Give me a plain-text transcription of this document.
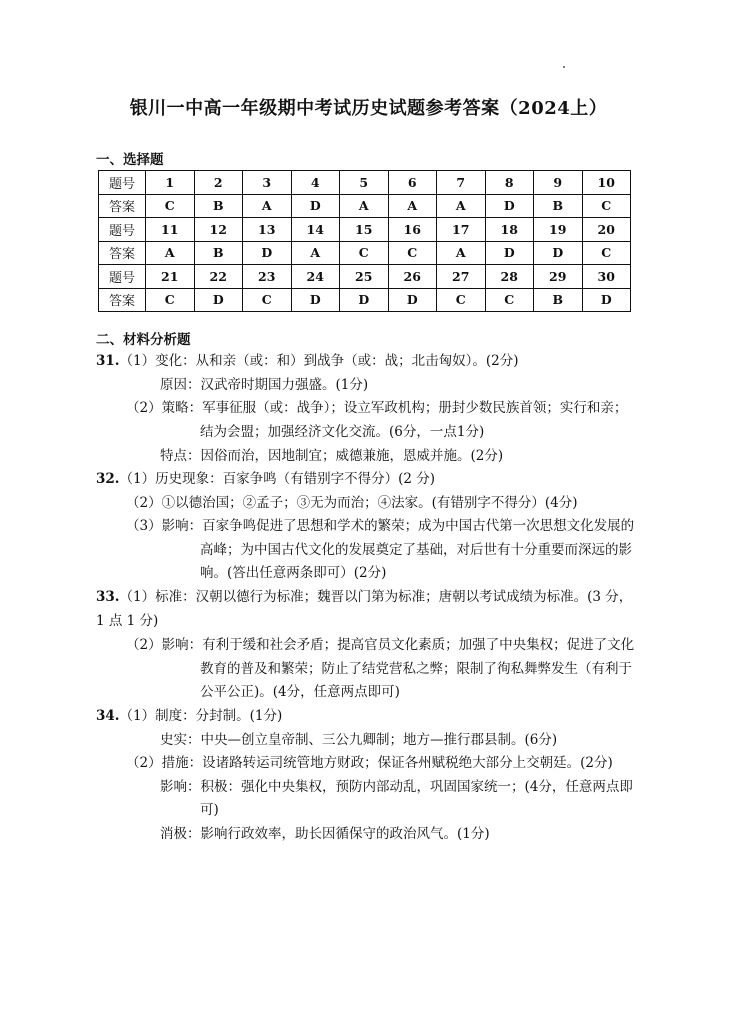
银川一中高一年级期中考试历史试题参考答案（2024上）
一、选择题
题号	1	2	3	4	5	6	7	8	9	10
答案	C	B	A	D	A	A	A	D	B	C
题号	11	12	13	14	15	16	17	18	19	20
答案	A	B	D	A	C	C	A	D	D	C
题号	21	22	23	24	25	26	27	28	29	30
答案	C	D	C	D	D	D	C	C	B	D
二、材料分析题
31.（1）变化：从和亲（或：和）到战争（或：战；北击匈奴）。(2分)
原因：汉武帝时期国力强盛。(1分)
（2）策略：军事征服（或：战争）；设立军政机构；册封少数民族首领；实行和亲；
结为会盟；加强经济文化交流。(6分，一点1分)
特点：因俗而治，因地制宜；威德兼施，恩威并施。(2分)
32.（1）历史现象：百家争鸣（有错别字不得分）(2 分)
（2）①以德治国；②孟子；③无为而治；④法家。(有错别字不得分）(4分)
（3）影响：百家争鸣促进了思想和学术的繁荣；成为中国古代第一次思想文化发展的
高峰；为中国古代文化的发展奠定了基础，对后世有十分重要而深远的影
响。(答出任意两条即可）(2分)
33.（1）标准：汉朝以德行为标准；魏晋以门第为标准；唐朝以考试成绩为标准。(3 分，
1 点 1 分)
（2）影响：有利于缓和社会矛盾；提高官员文化素质；加强了中央集权；促进了文化
教育的普及和繁荣；防止了结党营私之弊；限制了徇私舞弊发生（有利于
公平公正)。(4分，任意两点即可)
34.（1）制度：分封制。(1分)
史实：中央—创立皇帝制、三公九卿制；地方—推行郡县制。(6分)
（2）措施：设诸路转运司统管地方财政；保证各州赋税绝大部分上交朝廷。(2分)
影响：积极：强化中央集权，预防内部动乱，巩固国家统一；(4分，任意两点即
可)
消极：影响行政效率，助长因循保守的政治风气。(1分)
